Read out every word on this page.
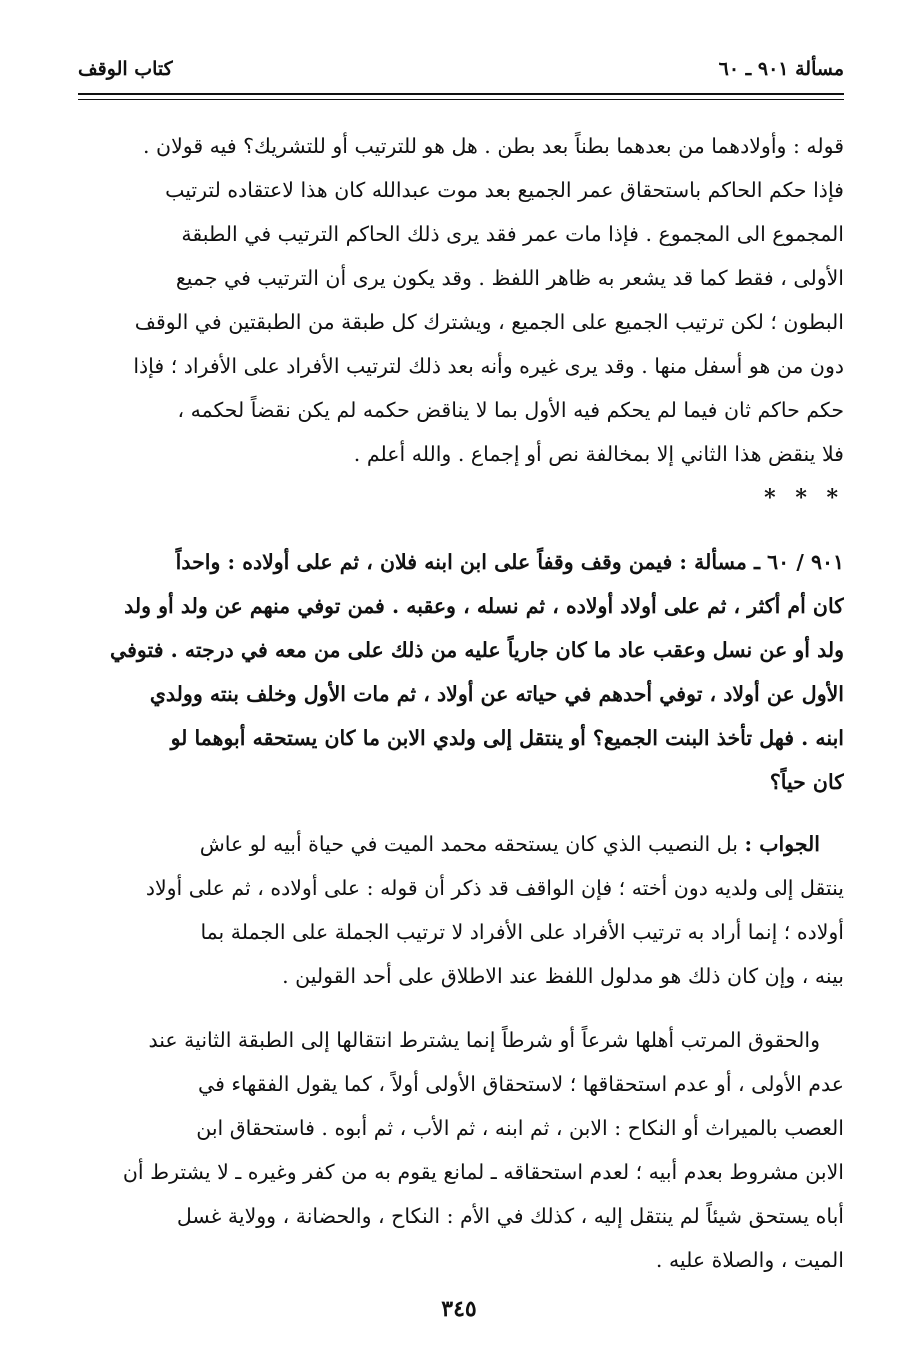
مسألة ٩٠١ ـ ٦٠
كتاب الوقف

قوله : وأولادهما من بعدهما بطناً بعد بطن . هل هو للترتيب أو للتشريك؟ فيه قولان .

فإذا حكم الحاكم باستحقاق عمر الجميع بعد موت عبدالله كان هذا لاعتقاده لترتيب

المجموع الى المجموع . فإذا مات عمر فقد يرى ذلك الحاكم الترتيب في الطبقة

الأولى ، فقط كما قد يشعر به ظاهر اللفظ . وقد يكون يرى أن الترتيب في جميع

البطون ؛ لكن ترتيب الجميع على الجميع ، ويشترك كل طبقة من الطبقتين في الوقف

دون من هو أسفل منها . وقد يرى غيره وأنه بعد ذلك لترتيب الأفراد على الأفراد ؛ فإذا

حكم حاكم ثان فيما لم يحكم فيه الأول بما لا يناقض حكمه لم يكن نقضاً لحكمه ،

فلا ينقض هذا الثاني إلا بمخالفة نص أو إجماع . والله أعلم .

* * *

٩٠١ / ٦٠ ـ مسألة : فيمن وقف وقفاً على ابن ابنه فلان ، ثم على أولاده : واحداً

كان أم أكثر ، ثم على أولاد أولاده ، ثم نسله ، وعقبه . فمن توفي منهم عن ولد أو ولد

ولد أو عن نسل وعقب عاد ما كان جارياً عليه من ذلك على من معه في درجته . فتوفي

الأول عن أولاد ، توفي أحدهم في حياته عن أولاد ، ثم مات الأول وخلف بنته وولدي

ابنه . فهل تأخذ البنت الجميع؟ أو ينتقل إلى ولدي الابن ما كان يستحقه أبوهما لو

كان حياً؟

الجواب : بل النصيب الذي كان يستحقه محمد الميت في حياة أبيه لو عاش

ينتقل إلى ولديه دون أخته ؛ فإن الواقف قد ذكر أن قوله : على أولاده ، ثم على أولاد

أولاده ؛ إنما أراد به ترتيب الأفراد على الأفراد لا ترتيب الجملة على الجملة بما

بينه ، وإن كان ذلك هو مدلول اللفظ عند الاطلاق على أحد القولين .

والحقوق المرتب أهلها شرعاً أو شرطاً إنما يشترط انتقالها إلى الطبقة الثانية عند

عدم الأولى ، أو عدم استحقاقها ؛ لاستحقاق الأولى أولاً ، كما يقول الفقهاء في

العصب بالميراث أو النكاح : الابن ، ثم ابنه ، ثم الأب ، ثم أبوه . فاستحقاق ابن

الابن مشروط بعدم أبيه ؛ لعدم استحقاقه ـ لمانع يقوم به من كفر وغيره ـ لا يشترط أن

أباه يستحق شيئاً لم ينتقل إليه ، كذلك في الأم : النكاح ، والحضانة ، وولاية غسل

الميت ، والصلاة عليه .

٣٤٥
